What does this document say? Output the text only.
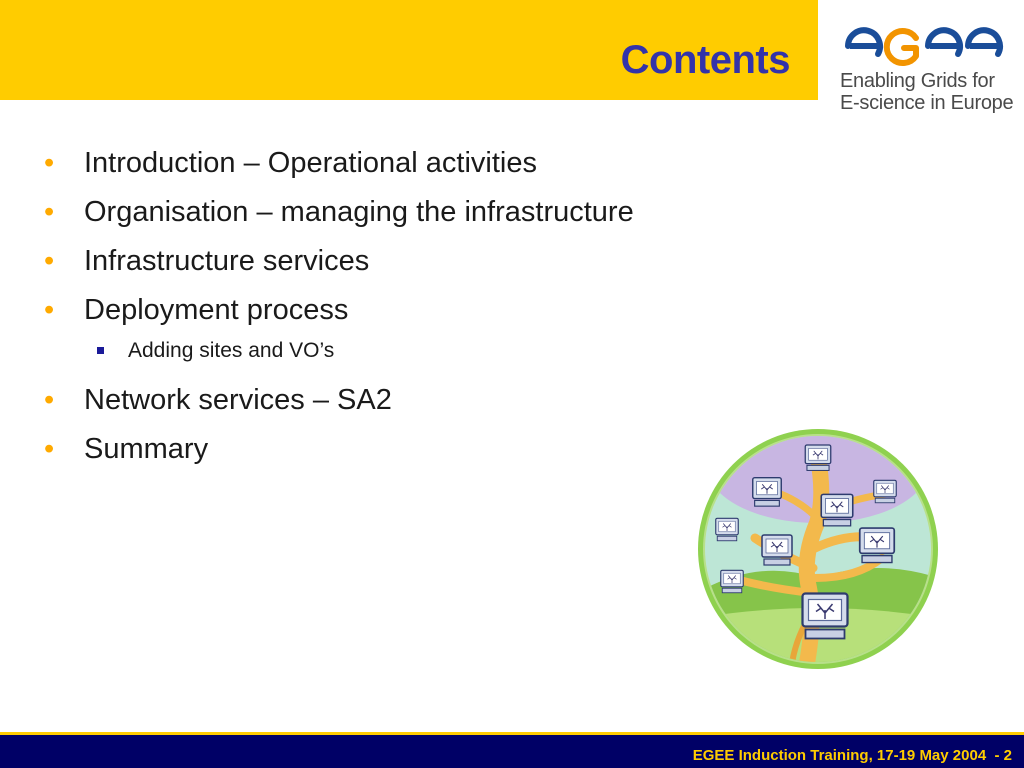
Contents	Enabling Grids for
E-science in Europe
• Introduction – Operational activities
• Organisation – managing the infrastructure
• Infrastructure services
• Deployment process
Adding sites and VO’s
• Network services – SA2
• Summary
EGEE Induction Training, 17-19 May 2004  - 2
